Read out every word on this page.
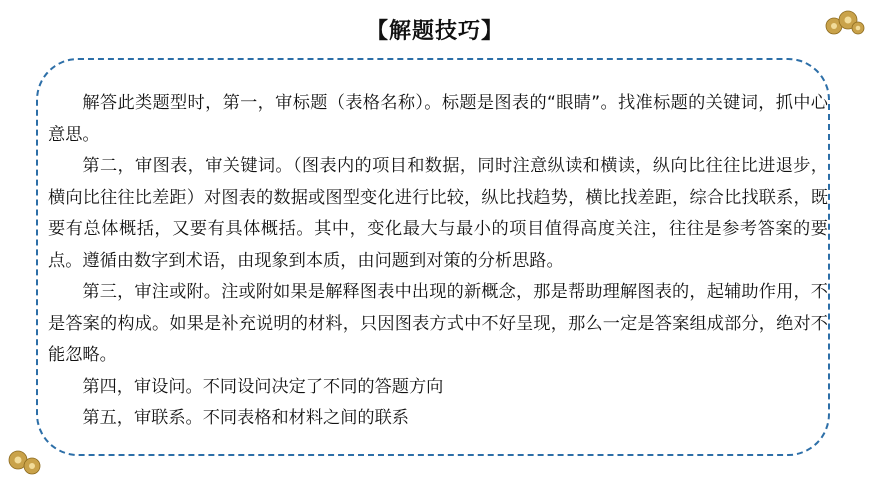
【解题技巧】

解答此类题型时，第一，审标题（表格名称）。标题是图表的“眼睛”。找准标题的关键词，抓中心意思。

第二，审图表，审关键词。（图表内的项目和数据，同时注意纵读和横读，纵向比往往比进退步，横向比往往比差距）对图表的数据或图型变化进行比较，纵比找趋势，横比找差距，综合比找联系，既要有总体概括，又要有具体概括。其中，变化最大与最小的项目值得高度关注，往往是参考答案的要点。遵循由数字到术语，由现象到本质，由问题到对策的分析思路。

第三，审注或附。注或附如果是解释图表中出现的新概念，那是帮助理解图表的，起辅助作用，不是答案的构成。如果是补充说明的材料，只因图表方式中不好呈现，那么一定是答案组成部分，绝对不能忽略。

第四，审设问。不同设问决定了不同的答题方向

第五，审联系。不同表格和材料之间的联系
